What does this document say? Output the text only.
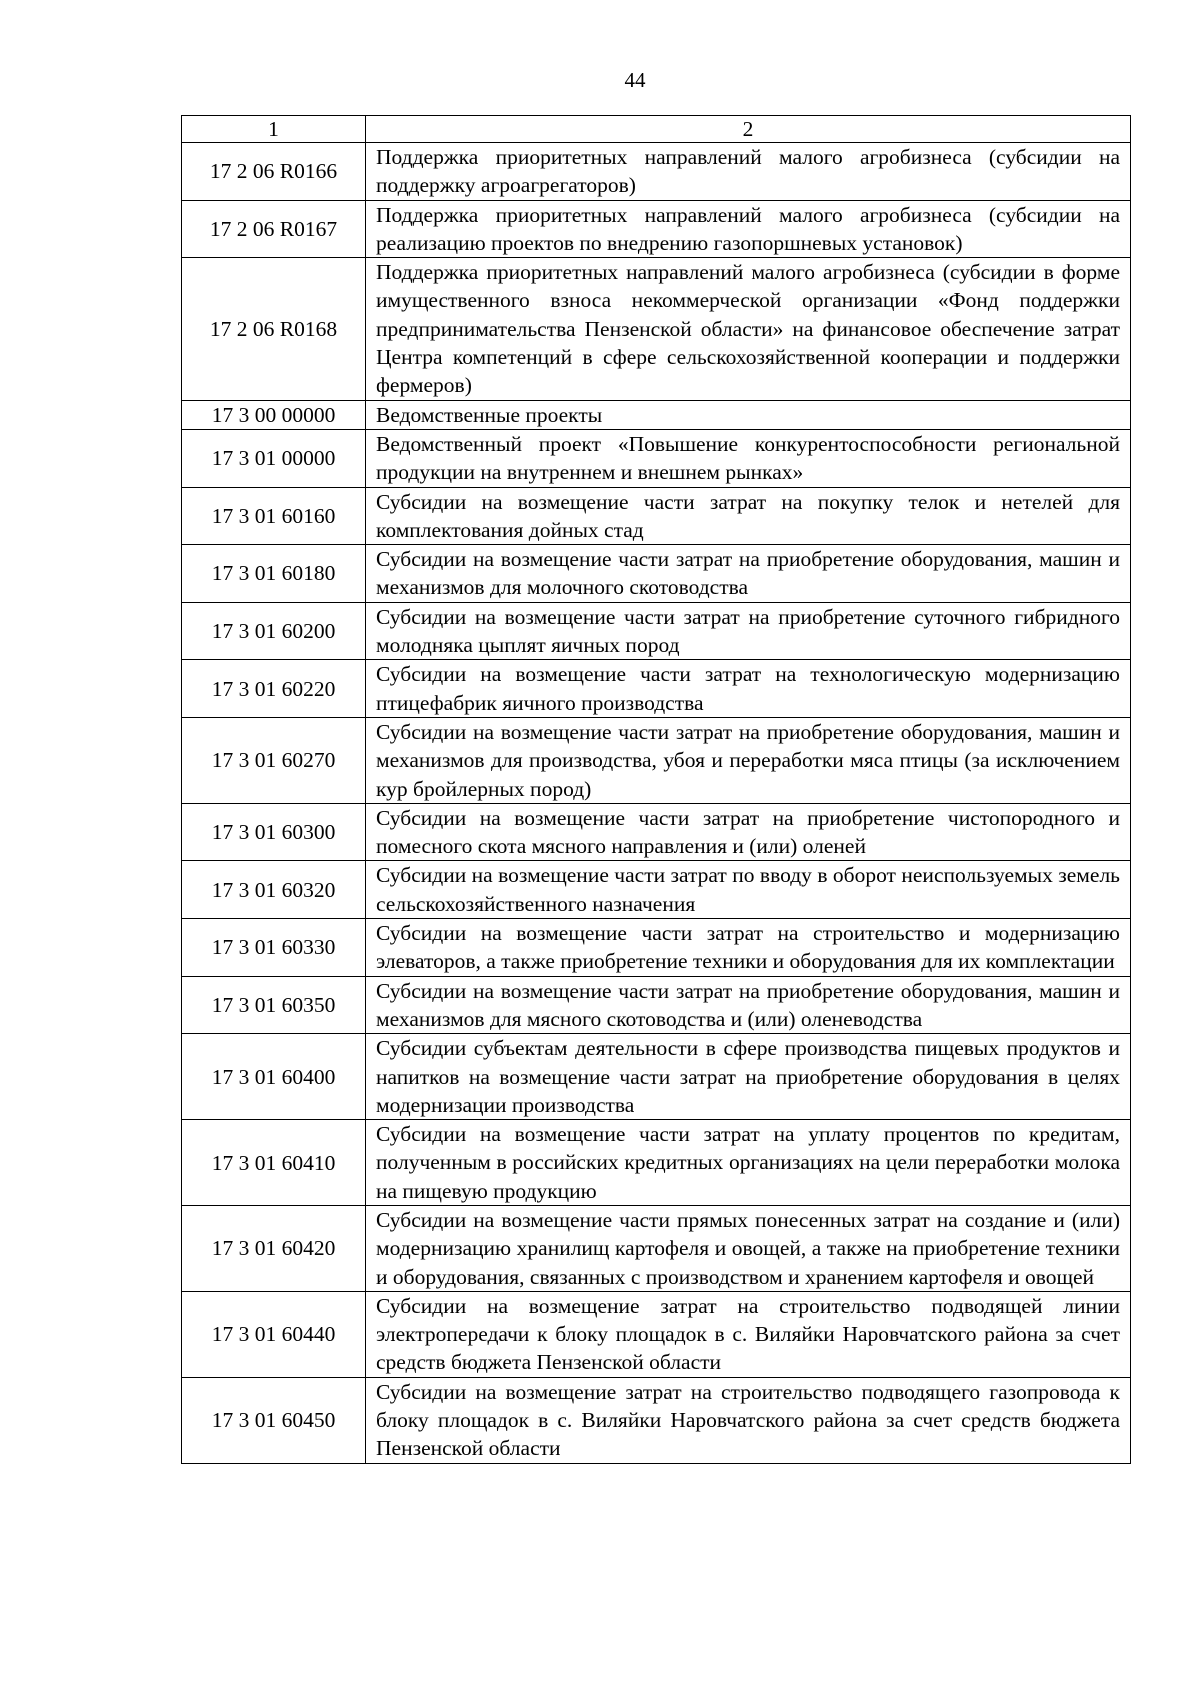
44
1	2
17 2 06 R0166	Поддержка приоритетных направлений малого агробизнеса (субсидии на поддержку агроагрегаторов)
17 2 06 R0167	Поддержка приоритетных направлений малого агробизнеса (субсидии на реализацию проектов по внедрению газопоршневых установок)
17 2 06 R0168	Поддержка приоритетных направлений малого агробизнеса (субсидии в форме имущественного взноса некоммерческой организации «Фонд поддержки предпринимательства Пензенской области» на финансовое обеспечение затрат Центра компетенций в сфере сельскохозяйственной кооперации и поддержки фермеров)
17 3 00 00000	Ведомственные проекты
17 3 01 00000	Ведомственный проект «Повышение конкурентоспособности региональной продукции на внутреннем и внешнем рынках»
17 3 01 60160	Субсидии на возмещение части затрат на покупку телок и нетелей для комплектования дойных стад
17 3 01 60180	Субсидии на возмещение части затрат на приобретение оборудования, машин и механизмов для молочного скотоводства
17 3 01 60200	Субсидии на возмещение части затрат на приобретение суточного гибридного молодняка цыплят яичных пород
17 3 01 60220	Субсидии на возмещение части затрат на технологическую модернизацию птицефабрик яичного производства
17 3 01 60270	Субсидии на возмещение части затрат на приобретение оборудования, машин и механизмов для производства, убоя и переработки мяса птицы (за исключением кур бройлерных пород)
17 3 01 60300	Субсидии на возмещение части затрат на приобретение чистопородного и помесного скота мясного направления и (или) оленей
17 3 01 60320	Субсидии на возмещение части затрат по вводу в оборот неиспользуемых земель сельскохозяйственного назначения
17 3 01 60330	Субсидии на возмещение части затрат на строительство и модернизацию элеваторов, а также приобретение техники и оборудования для их комплектации
17 3 01 60350	Субсидии на возмещение части затрат на приобретение оборудования, машин и механизмов для мясного скотоводства и (или) оленеводства
17 3 01 60400	Субсидии субъектам деятельности в сфере производства пищевых продуктов и напитков на возмещение части затрат на приобретение оборудования в целях модернизации производства
17 3 01 60410	Субсидии на возмещение части затрат на уплату процентов по кредитам, полученным в российских кредитных организациях на цели переработки молока на пищевую продукцию
17 3 01 60420	Субсидии на возмещение части прямых понесенных затрат на создание и (или) модернизацию хранилищ картофеля и овощей, а также на приобретение техники и оборудования, связанных с производством и хранением картофеля и овощей
17 3 01 60440	Субсидии на возмещение затрат на строительство подводящей линии электропередачи к блоку площадок в с. Виляйки Наровчатского района за счет средств бюджета Пензенской области
17 3 01 60450	Субсидии на возмещение затрат на строительство подводящего газопровода к блоку площадок в с. Виляйки Наровчатского района за счет средств бюджета Пензенской области
